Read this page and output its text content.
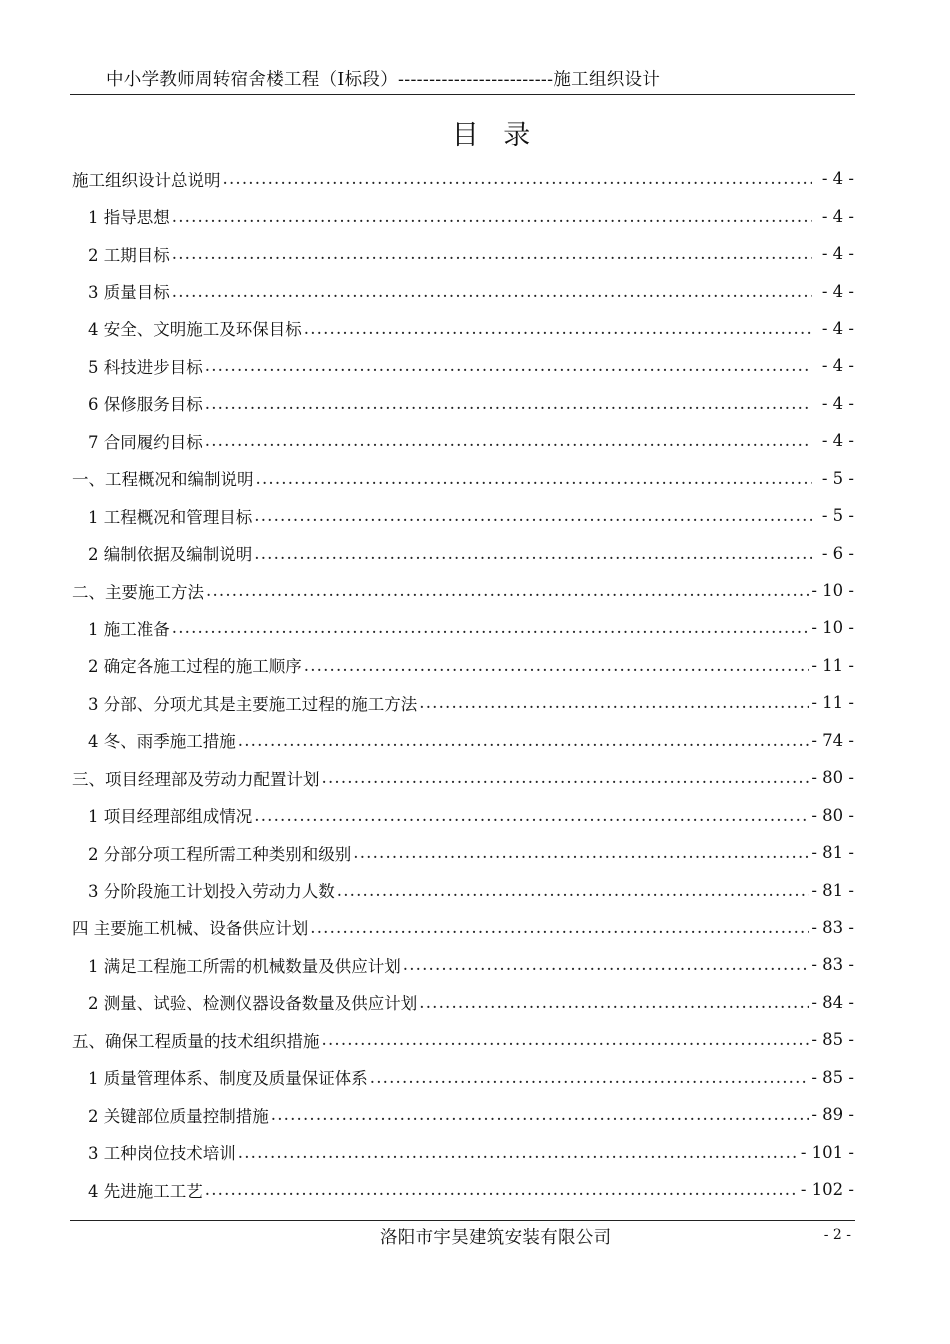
中小学教师周转宿舍楼工程（Ⅰ标段）-------------------------施工组织设计
目 录
施工组织设计总说明 .....	- 4 -
1 指导思想 .....	- 4 -
2 工期目标 .....	- 4 -
3 质量目标 .....	- 4 -
4 安全、文明施工及环保目标 .....	- 4 -
5 科技进步目标 .....	- 4 -
6 保修服务目标 .....	- 4 -
7 合同履约目标 .....	- 4 -
一、工程概况和编制说明 .....	- 5 -
1 工程概况和管理目标 .....	- 5 -
2 编制依据及编制说明 .....	- 6 -
二、主要施工方法 .....	- 10 -
1 施工准备 .....	- 10 -
2 确定各施工过程的施工顺序 .....	- 11 -
3 分部、分项尤其是主要施工过程的施工方法 .....	- 11 -
4 冬、雨季施工措施 .....	- 74 -
三、项目经理部及劳动力配置计划 .....	- 80 -
1 项目经理部组成情况 .....	- 80 -
2 分部分项工程所需工种类别和级别 .....	- 81 -
3 分阶段施工计划投入劳动力人数 .....	- 81 -
四 主要施工机械、设备供应计划 .....	- 83 -
1 满足工程施工所需的机械数量及供应计划 .....	- 83 -
2 测量、试验、检测仪器设备数量及供应计划 .....	- 84 -
五、确保工程质量的技术组织措施 .....	- 85 -
1 质量管理体系、制度及质量保证体系 .....	- 85 -
2 关键部位质量控制措施 .....	- 89 -
3 工种岗位技术培训 .....	- 101 -
4 先进施工工艺 .....	- 102 -
洛阳市宇昊建筑安装有限公司	- 2 -
